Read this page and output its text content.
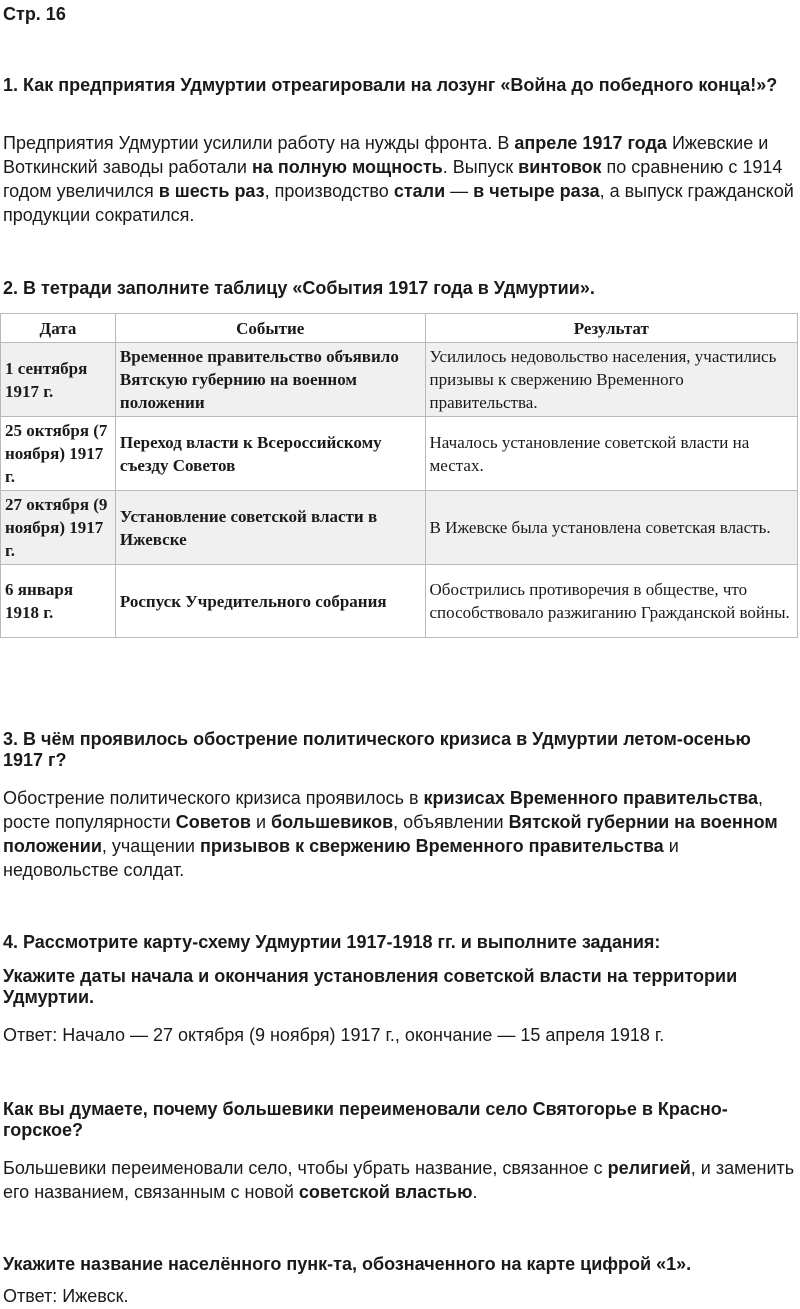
Стр. 16
1. Как предприятия Удмуртии отреагировали на лозунг «Война до победного конца!»?
Предприятия Удмуртии усилили работу на нужды фронта. В апреле 1917 года Ижевские и Воткинский заводы работали на полную мощность. Выпуск винтовок по сравнению с 1914 годом увеличился в шесть раз, производство стали — в четыре раза, а выпуск гражданской продукции сократился.
2. В тетради заполните таблицу «События 1917 года в Удмуртии».
Дата	Событие	Результат
1 сентября 1917 г.	Временное правительство объявило Вятскую губернию на военном положении	Усилилось недовольство населения, участились призывы к свержению Временного правительства.
25 октября (7 ноября) 1917 г.	Переход власти к Всероссийскому съезду Советов	Началось установление советской власти на местах.
27 октября (9 ноября) 1917 г.	Установление советской власти в Ижевске	В Ижевске была установлена советская власть.
6 января 1918 г.	Роспуск Учредительного собрания	Обострились противоречия в обществе, что способствовало разжиганию Гражданской войны.
3. В чём проявилось обострение политического кризиса в Удмуртии летом-осенью 1917 г?
Обострение политического кризиса проявилось в кризисах Временного правительства, росте популярности Советов и большевиков, объявлении Вятской губернии на военном положении, учащении призывов к свержению Временного правительства и недовольстве солдат.
4. Рассмотрите карту-схему Удмуртии 1917-1918 гг. и выполните задания:
Укажите даты начала и окончания установления советской власти на территории Удмуртии.
Ответ: Начало — 27 октября (9 ноября) 1917 г., окончание — 15 апреля 1918 г.
Как вы думаете, почему большевики переименовали село Святогорье в Красно-горское?
Большевики переименовали село, чтобы убрать название, связанное с религией, и заменить его названием, связанным с новой советской властью.
Укажите название населённого пунк-та, обозначенного на карте цифрой «1».
Ответ: Ижевск.
